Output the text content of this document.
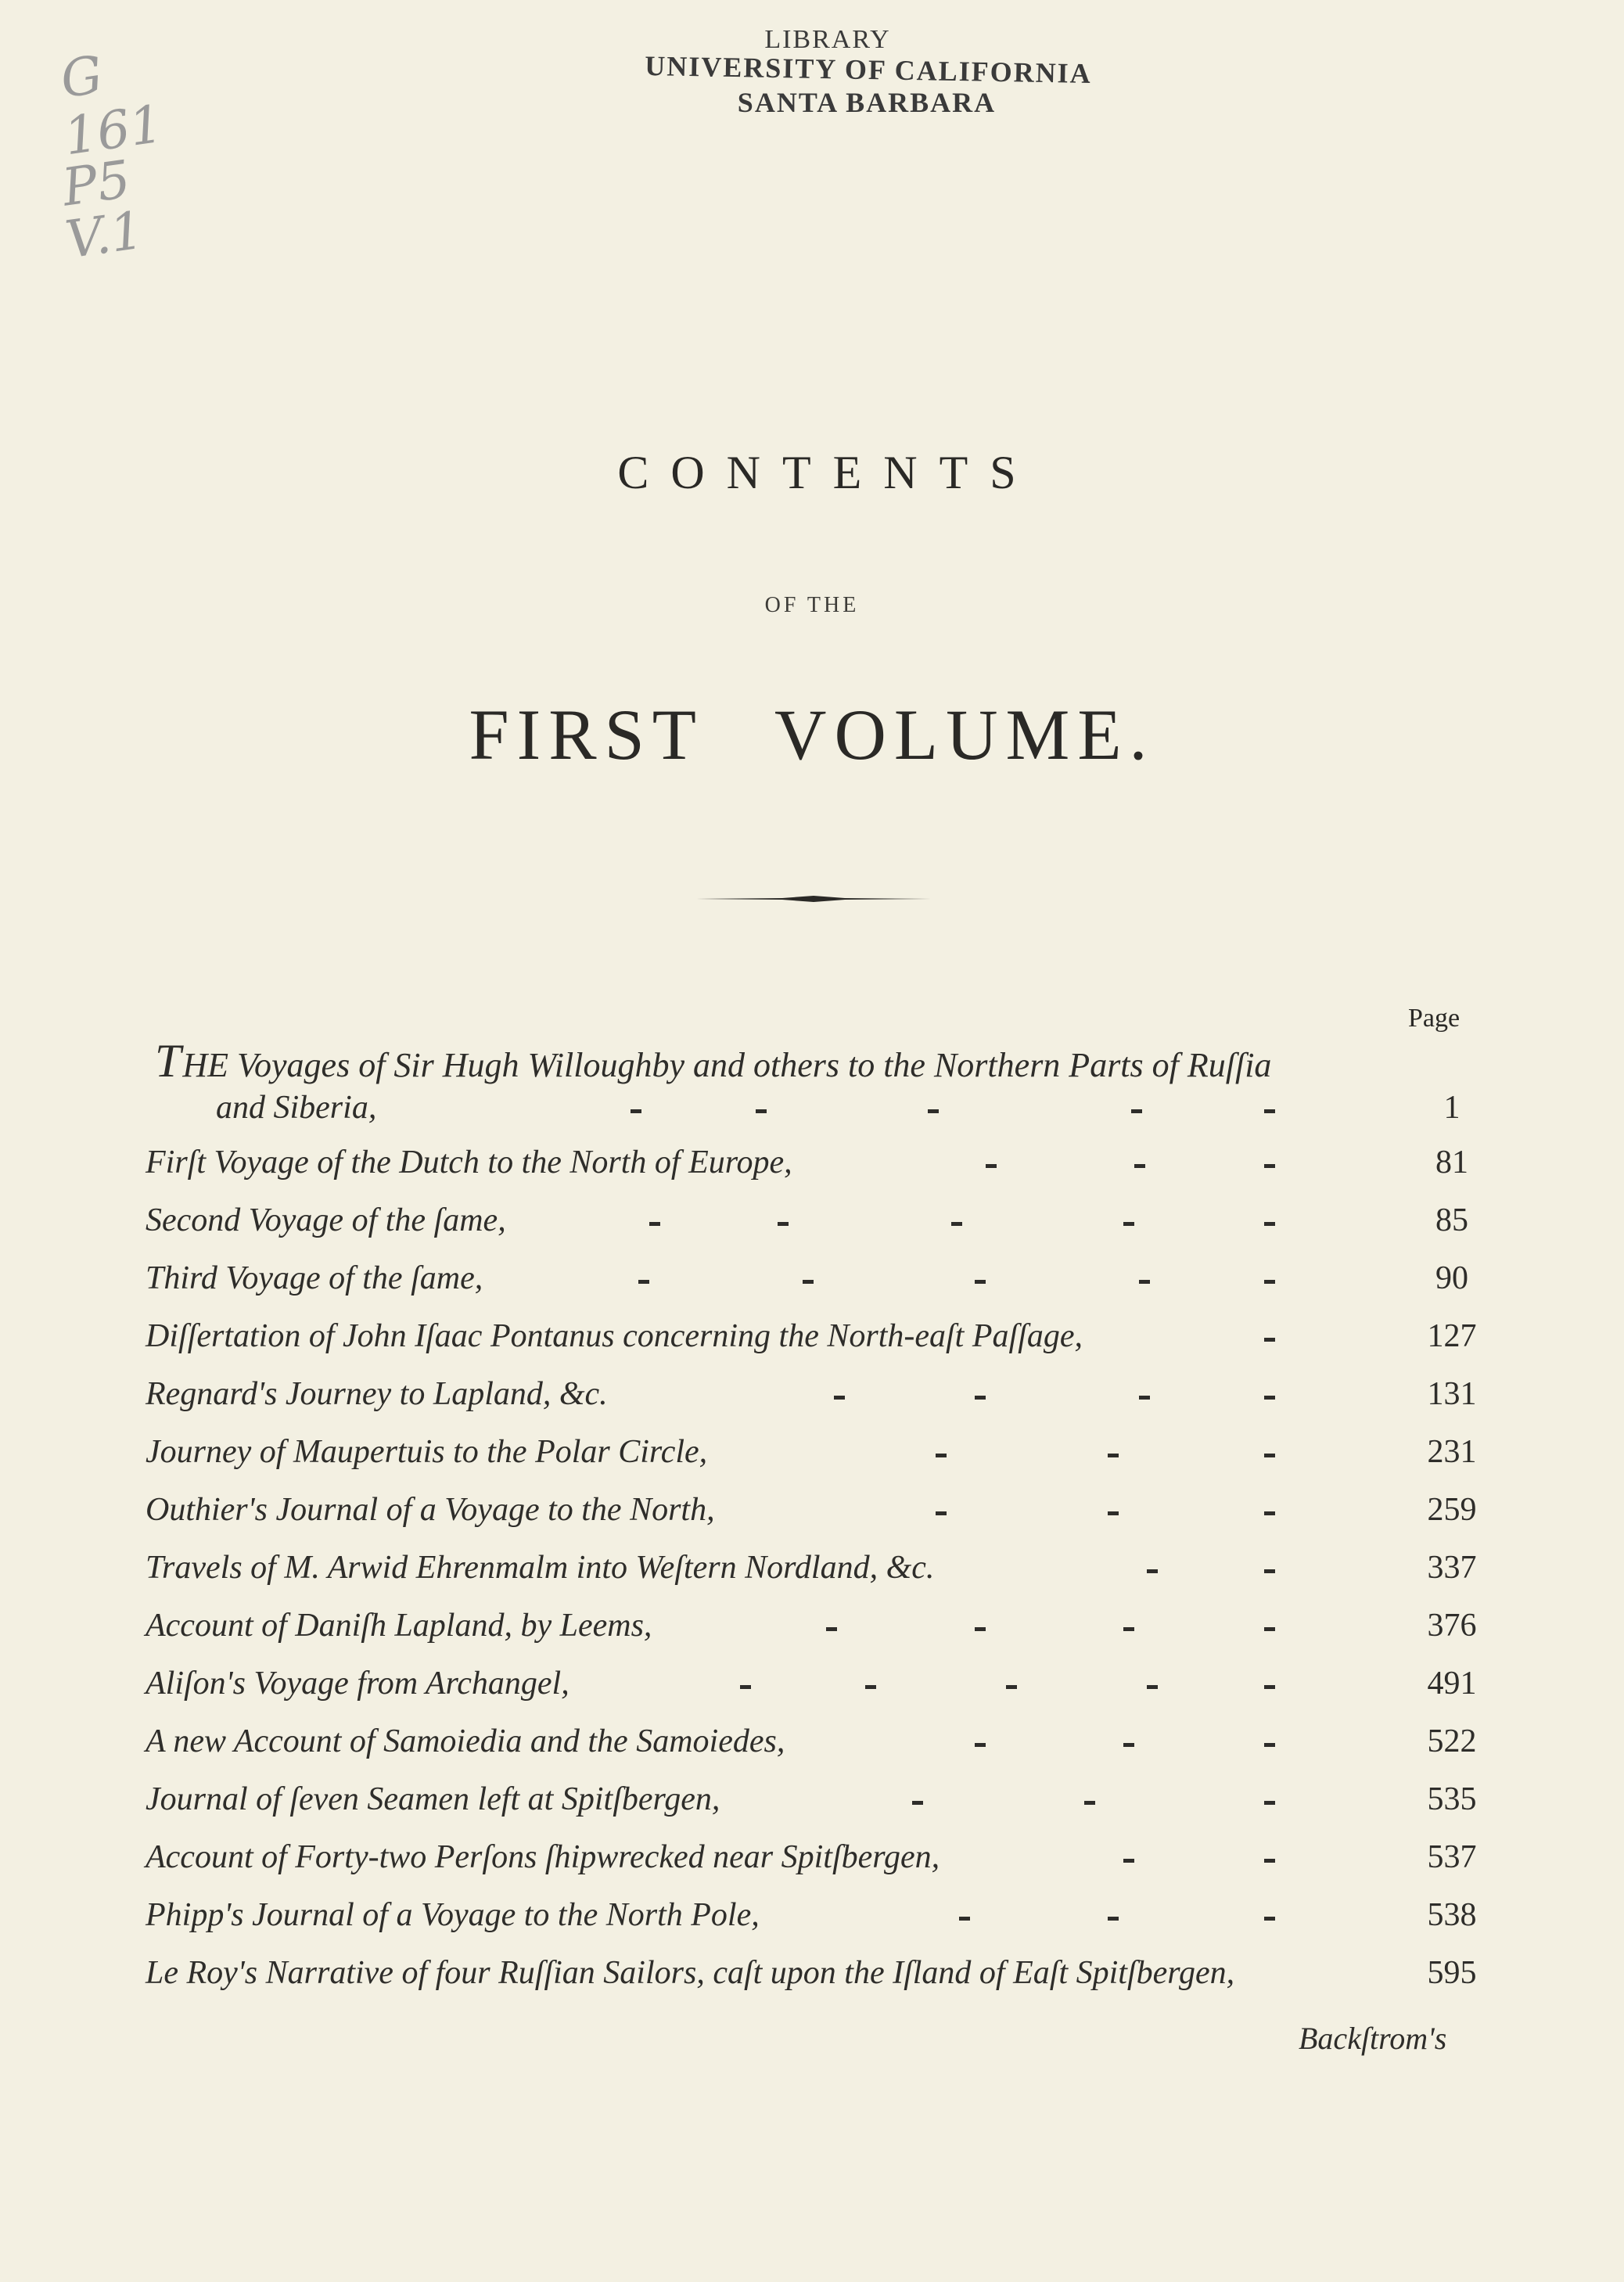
LIBRARY
UNIVERSITY OF CALIFORNIA
SANTA BARBARA
G
161
P5
V.1
CONTENTS
OF THE
FIRST VOLUME.
Page
THE Voyages of Sir Hugh Willoughby and others to the Northern Parts of Ruſſia
and Siberia,	1
Firſt Voyage of the Dutch to the North of Europe,	81
Second Voyage of the ſame,	85
Third Voyage of the ſame,	90
Diſſertation of John Iſaac Pontanus concerning the North-eaſt Paſſage,	127
Regnard's Journey to Lapland, &c.	131
Journey of Maupertuis to the Polar Circle,	231
Outhier's Journal of a Voyage to the North,	259
Travels of M. Arwid Ehrenmalm into Weſtern Nordland, &c.	337
Account of Daniſh Lapland, by Leems,	376
Aliſon's Voyage from Archangel,	491
A new Account of Samoiedia and the Samoiedes,	522
Journal of ſeven Seamen left at Spitſbergen,	535
Account of Forty-two Perſons ſhipwrecked near Spitſbergen,	537
Phipp's Journal of a Voyage to the North Pole,	538
Le Roy's Narrative of four Ruſſian Sailors, caſt upon the Iſland of Eaſt Spitſbergen,	595
Backſtrom's
